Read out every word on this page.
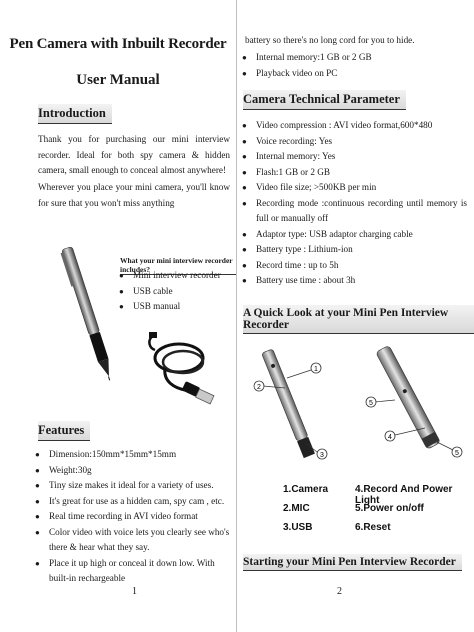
Pen Camera with Inbuilt Recorder
User Manual
Introduction
Thank you for purchasing our mini interview recorder. Ideal for both spy camera & hidden camera, small enough to conceal almost anywhere!
Wherever you place your mini camera, you'll know for sure that you won't miss anything
What your mini interview recorder includes?
● Mini interview recorder
● USB cable
● USB manual
Features
● Dimension:150mm*15mm*15mm
● Weight:30g
● Tiny size makes it ideal for a variety of uses.
● It's great for use as a hidden cam, spy cam , etc.
● Real time recording in AVI video format
● Color video with voice lets you clearly see who's there & hear what they say.
● Place it up high or conceal it down low. With built-in rechargeable
1
battery so there's no long cord for you to hide.
● Internal memory:1 GB or 2 GB
● Playback video on PC
Camera Technical Parameter
● Video compression : AVI video format,600*480
● Voice recording: Yes
● Internal memory: Yes
● Flash:1 GB or 2 GB
● Video file size; >500KB per min
● Recording mode :continuous recording until memory is full or manually off
● Adaptor type: USB adaptor charging cable
● Battery type : Lithium-ion
● Record time : up to 5h
● Battery use time : about 3h
A Quick Look at your Mini Pen Interview Recorder
2
1
3
5
4
5
1.Camera
2.MIC
3.USB
4.Record And Power Light
5.Power on/off
6.Reset
Starting your Mini Pen Interview Recorder
2
